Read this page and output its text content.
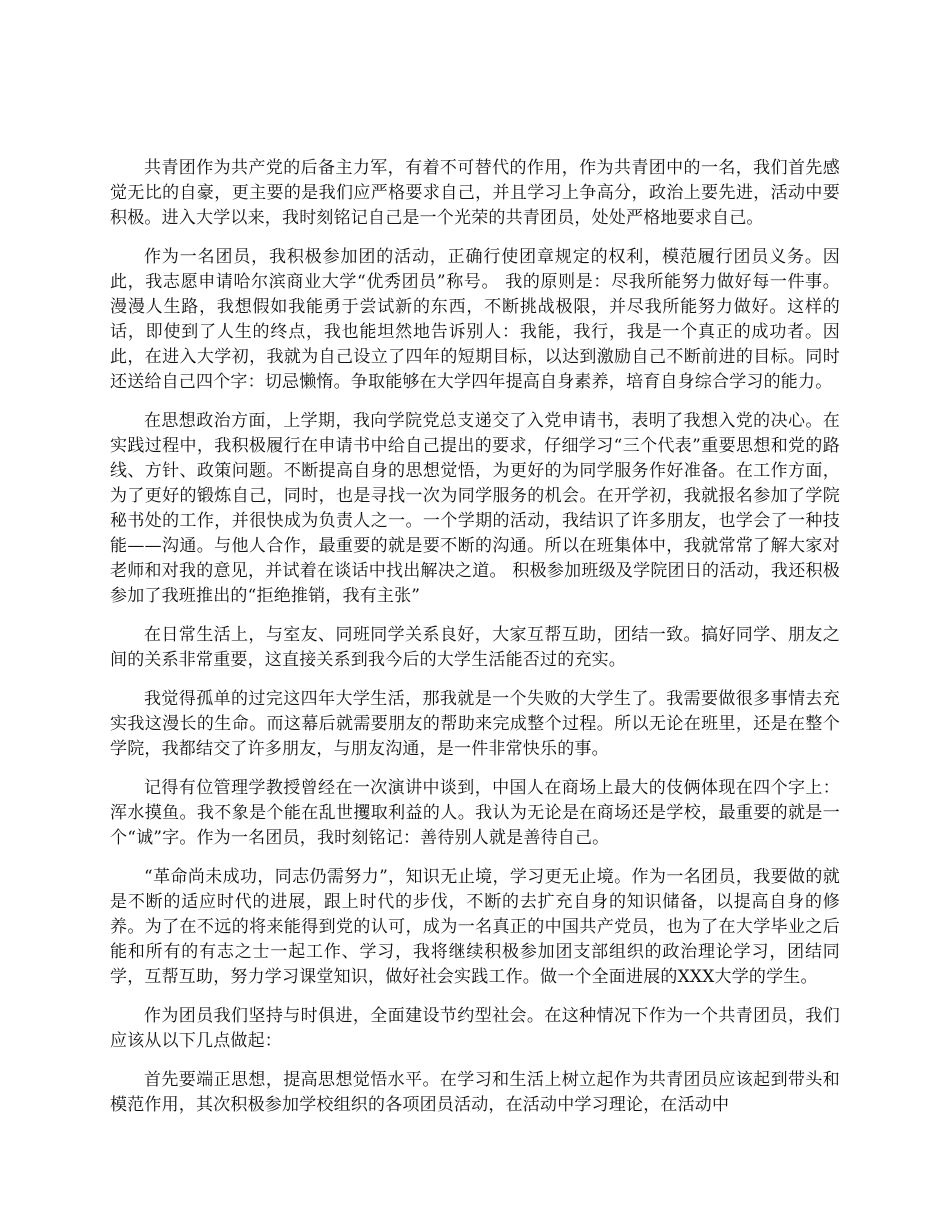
共青团作为共产党的后备主力军，有着不可替代的作用，作为共青团中的一名，我们首先感觉无比的自豪，更主要的是我们应严格要求自己，并且学习上争高分，政治上要先进，活动中要积极。进入大学以来，我时刻铭记自己是一个光荣的共青团员，处处严格地要求自己。

作为一名团员，我积极参加团的活动，正确行使团章规定的权利，模范履行团员义务。因此，我志愿申请哈尔滨商业大学“优秀团员”称号。 我的原则是：尽我所能努力做好每一件事。 漫漫人生路，我想假如我能勇于尝试新的东西，不断挑战极限，并尽我所能努力做好。这样的话，即使到了人生的终点，我也能坦然地告诉别人：我能，我行，我是一个真正的成功者。因此，在进入大学初，我就为自己设立了四年的短期目标，以达到激励自己不断前进的目标。同时还送给自己四个字：切忌懒惰。争取能够在大学四年提高自身素养，培育自身综合学习的能力。

在思想政治方面，上学期，我向学院党总支递交了入党申请书，表明了我想入党的决心。在实践过程中，我积极履行在申请书中给自己提出的要求，仔细学习“三个代表”重要思想和党的路线、方针、政策问题。不断提高自身的思想觉悟，为更好的为同学服务作好准备。在工作方面，为了更好的锻炼自己，同时，也是寻找一次为同学服务的机会。在开学初，我就报名参加了学院秘书处的工作，并很快成为负责人之一。一个学期的活动，我结识了许多朋友，也学会了一种技能——沟通。与他人合作，最重要的就是要不断的沟通。所以在班集体中，我就常常了解大家对老师和对我的意见，并试着在谈话中找出解决之道。 积极参加班级及学院团日的活动，我还积极参加了我班推出的“拒绝推销，我有主张”

在日常生活上，与室友、同班同学关系良好，大家互帮互助，团结一致。搞好同学、朋友之间的关系非常重要，这直接关系到我今后的大学生活能否过的充实。

我觉得孤单的过完这四年大学生活，那我就是一个失败的大学生了。我需要做很多事情去充实我这漫长的生命。而这幕后就需要朋友的帮助来完成整个过程。所以无论在班里，还是在整个学院，我都结交了许多朋友，与朋友沟通，是一件非常快乐的事。

记得有位管理学教授曾经在一次演讲中谈到，中国人在商场上最大的伎俩体现在四个字上：浑水摸鱼。我不象是个能在乱世攫取利益的人。我认为无论是在商场还是学校，最重要的就是一个“诚”字。作为一名团员，我时刻铭记：善待别人就是善待自己。

“革命尚未成功，同志仍需努力”，知识无止境，学习更无止境。作为一名团员，我要做的就是不断的适应时代的进展，跟上时代的步伐，不断的去扩充自身的知识储备，以提高自身的修养。为了在不远的将来能得到党的认可，成为一名真正的中国共产党员，也为了在大学毕业之后能和所有的有志之士一起工作、学习，我将继续积极参加团支部组织的政治理论学习，团结同学，互帮互助，努力学习课堂知识，做好社会实践工作。做一个全面进展的XXX大学的学生。

作为团员我们坚持与时俱进，全面建设节约型社会。在这种情况下作为一个共青团员，我们应该从以下几点做起：

首先要端正思想，提高思想觉悟水平。在学习和生活上树立起作为共青团员应该起到带头和模范作用，其次积极参加学校组织的各项团员活动，在活动中学习理论，在活动中
